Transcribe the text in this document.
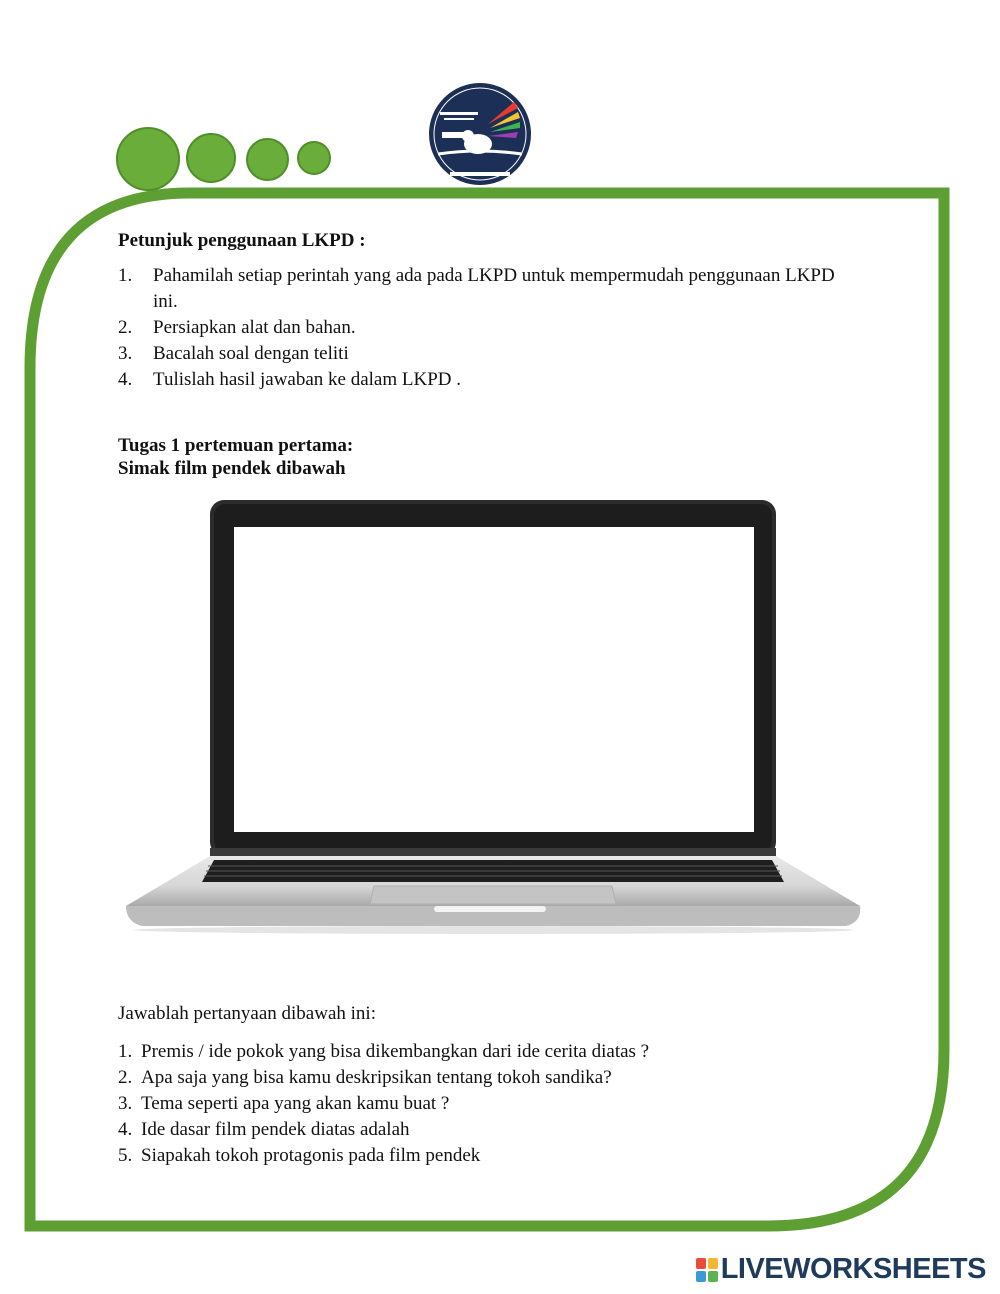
Petunjuk penggunaan LKPD :
1. Pahamilah setiap perintah yang ada pada LKPD untuk mempermudah penggunaan LKPD
ini.
2. Persiapkan alat dan bahan.
3. Bacalah soal dengan teliti
4. Tulislah hasil jawaban ke dalam LKPD .
Tugas 1 pertemuan pertama:
Simak film pendek dibawah
Jawablah pertanyaan dibawah ini:
1. Premis / ide pokok yang bisa dikembangkan dari ide cerita diatas ?
2. Apa saja yang bisa kamu deskripsikan tentang tokoh sandika?
3. Tema seperti apa yang akan kamu buat ?
4. Ide dasar film pendek diatas adalah
5. Siapakah tokoh protagonis pada film pendek
LIVEWORKSHEETS
